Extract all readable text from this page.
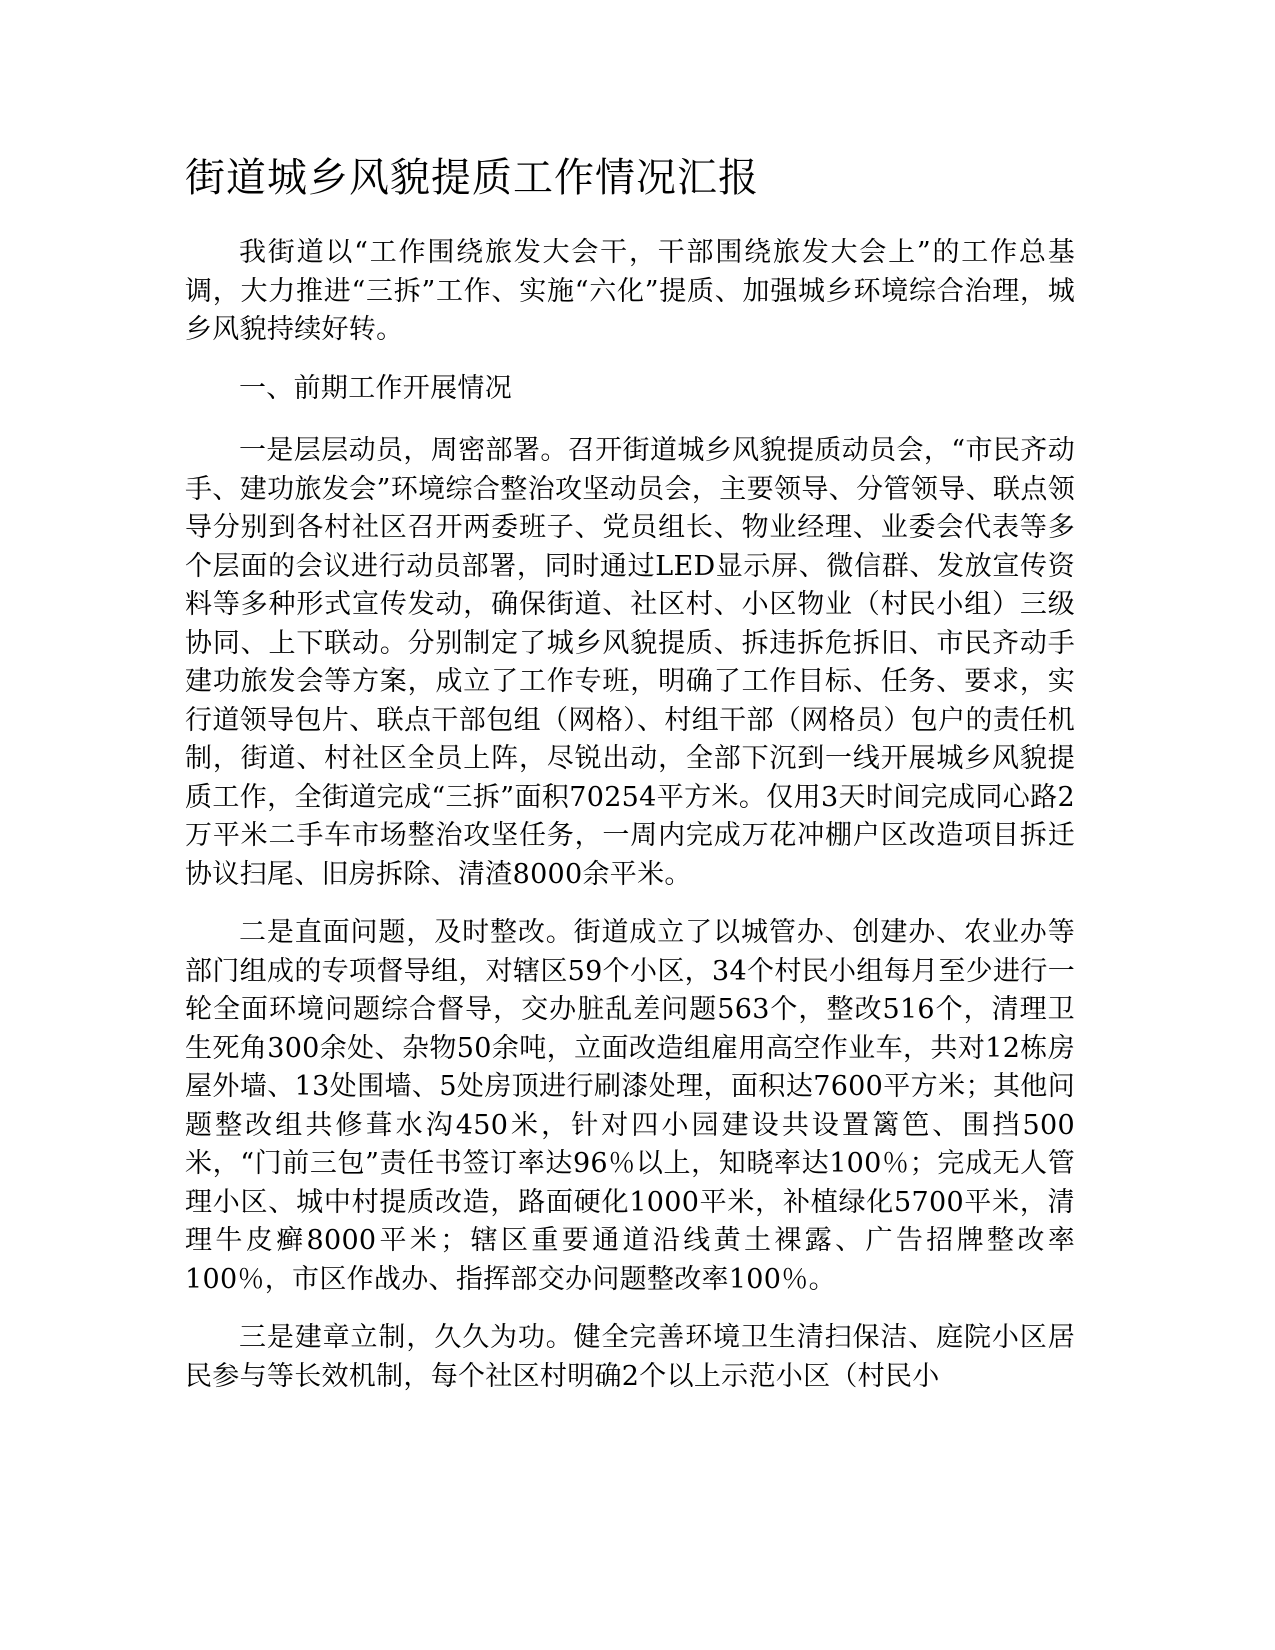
街道城乡风貌提质工作情况汇报

我街道以“工作围绕旅发大会干，干部围绕旅发大会上”的工作总基调，大力推进“三拆”工作、实施“六化”提质、加强城乡环境综合治理，城乡风貌持续好转。

一、前期工作开展情况

一是层层动员，周密部署。召开街道城乡风貌提质动员会，“市民齐动手、建功旅发会”环境综合整治攻坚动员会，主要领导、分管领导、联点领导分别到各村社区召开两委班子、党员组长、物业经理、业委会代表等多个层面的会议进行动员部署，同时通过LED显示屏、微信群、发放宣传资料等多种形式宣传发动，确保街道、社区村、小区物业（村民小组）三级协同、上下联动。分别制定了城乡风貌提质、拆违拆危拆旧、市民齐动手建功旅发会等方案，成立了工作专班，明确了工作目标、任务、要求，实行道领导包片、联点干部包组（网格）、村组干部（网格员）包户的责任机制，街道、村社区全员上阵，尽锐出动，全部下沉到一线开展城乡风貌提质工作，全街道完成“三拆”面积70254平方米。仅用3天时间完成同心路2万平米二手车市场整治攻坚任务，一周内完成万花冲棚户区改造项目拆迁协议扫尾、旧房拆除、清渣8000余平米。

二是直面问题，及时整改。街道成立了以城管办、创建办、农业办等部门组成的专项督导组，对辖区59个小区，34个村民小组每月至少进行一轮全面环境问题综合督导，交办脏乱差问题563个，整改516个，清理卫生死角300余处、杂物50余吨，立面改造组雇用高空作业车，共对12栋房屋外墙、13处围墙、5处房顶进行刷漆处理，面积达7600平方米；其他问题整改组共修葺水沟450米，针对四小园建设共设置篱笆、围挡500米，“门前三包”责任书签订率达96％以上，知晓率达100％；完成无人管理小区、城中村提质改造，路面硬化1000平米，补植绿化5700平米，清理牛皮癣8000平米；辖区重要通道沿线黄土裸露、广告招牌整改率100％，市区作战办、指挥部交办问题整改率100％。

三是建章立制，久久为功。健全完善环境卫生清扫保洁、庭院小区居民参与等长效机制，每个社区村明确2个以上示范小区（村民小
